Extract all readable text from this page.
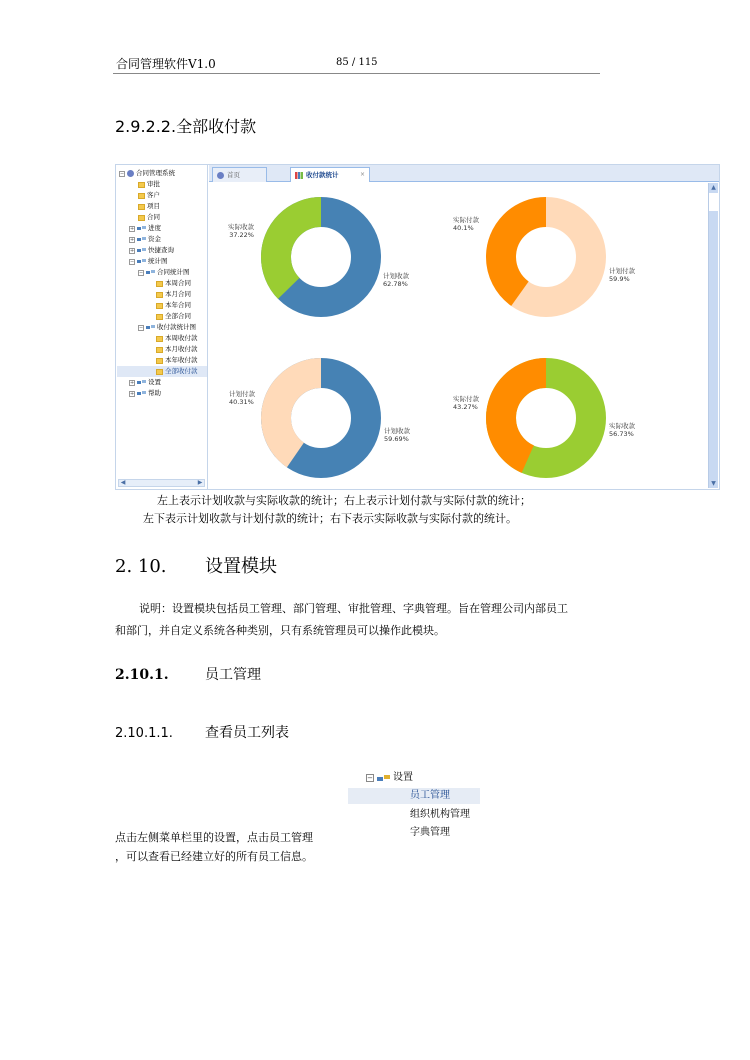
合同管理软件V1.0	85 / 115
2.9.2.2.全部收付款
− 合同管理系统
审批
客户
项目
合同
+ 进度
+ 资金
+ 快捷查询
− 统计图
− 合同统计图
本周合同
本月合同
本年合同
全部合同
− 收付款统计图
本周收付款
本月收付款
本年收付款
全部收付款
+ 设置
+ 帮助
◀	▶
首页	收付款统计	×
实际收款
37.22%
计划收款
62.78%
实际付款
40.1%
计划付款
59.9%
计划付款
40.31%
计划收款
59.69%
实际付款
43.27%
实际收款
56.73%
▲
▼

左上表示计划收款与实际收款的统计；右上表示计划付款与实际付款的统计；

左下表示计划收款与计划付款的统计；右下表示实际收款与实际付款的统计。

2. 10. 设置模块

说明：设置模块包括员工管理、部门管理、审批管理、字典管理。旨在管理公司内部员工

和部门，并自定义系统各种类别，只有系统管理员可以操作此模块。

2.10.1.	员工管理
2.10.1.1. 查看员工列表
− 设置
员工管理
组织机构管理
字典管理

点击左侧菜单栏里的设置，点击员工管理

，可以查看已经建立好的所有员工信息。
